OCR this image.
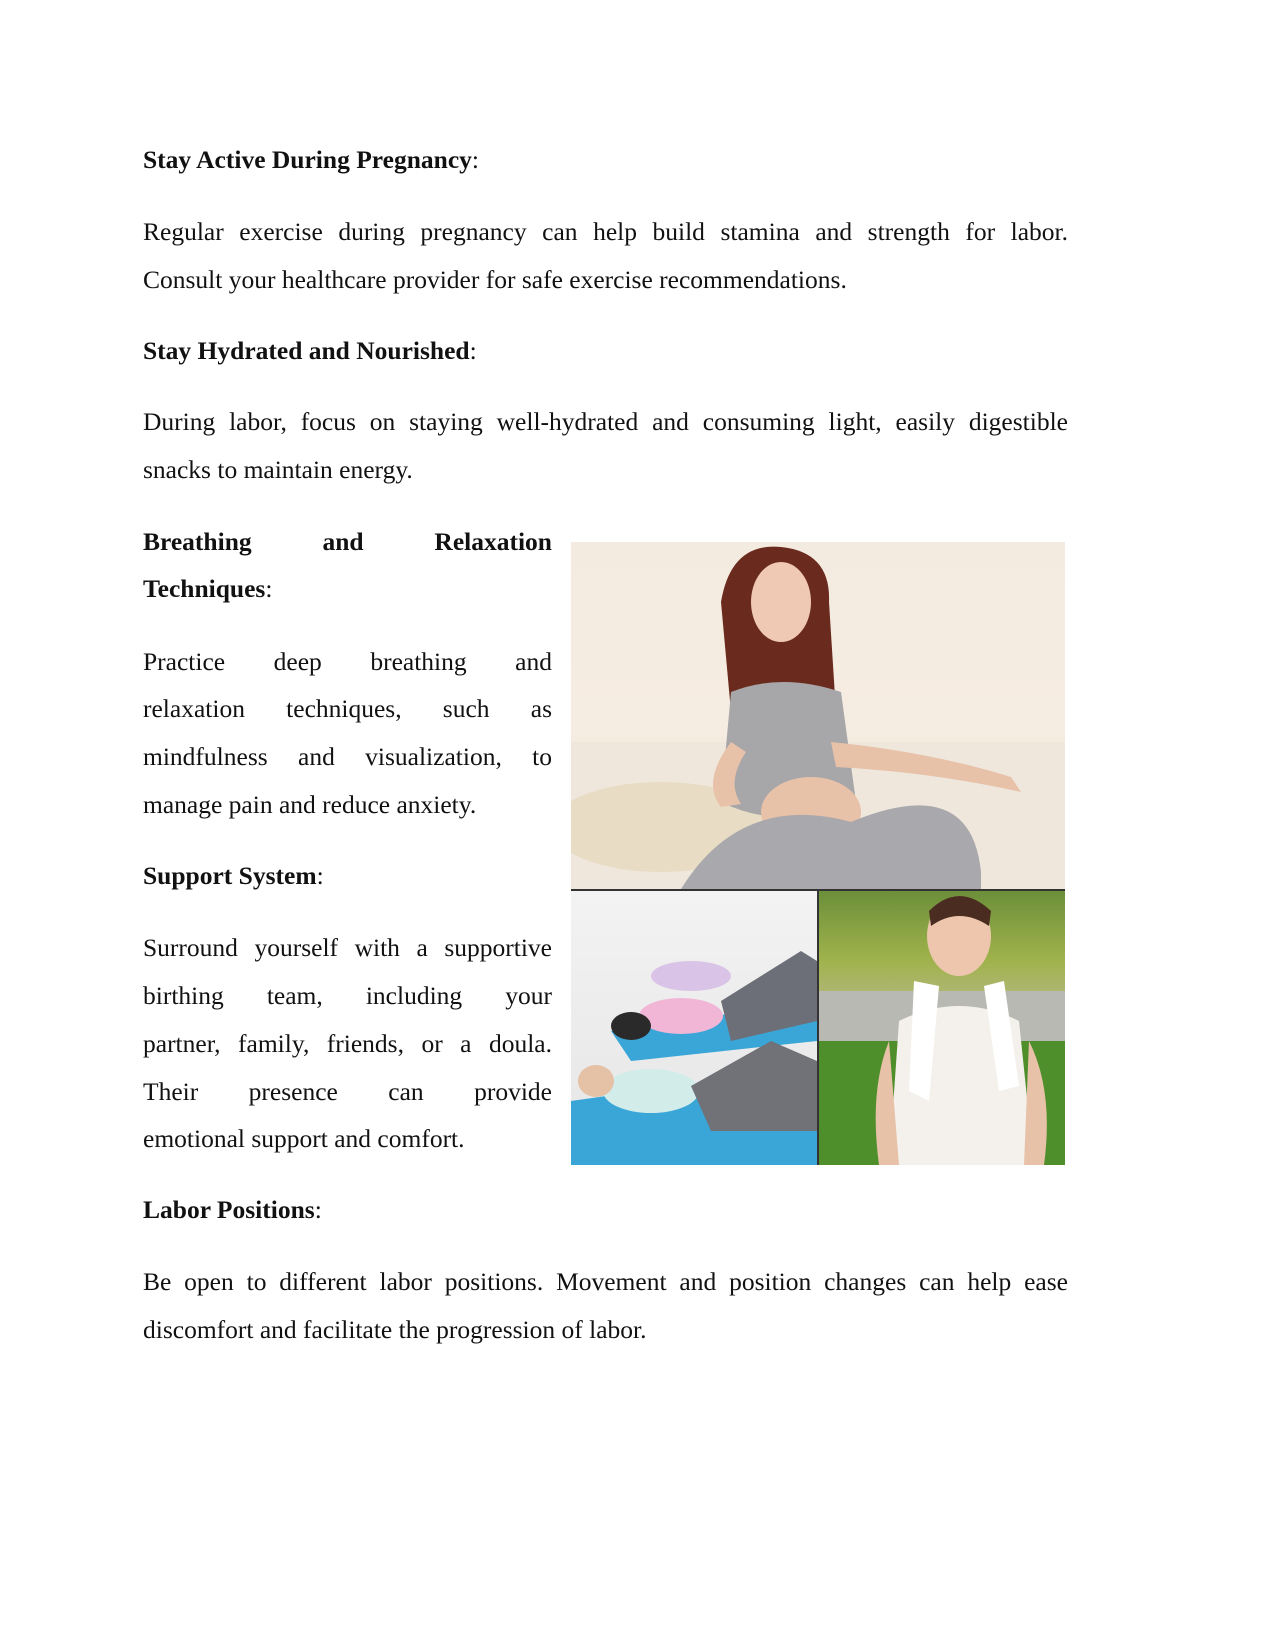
Stay Active During Pregnancy:
Regular exercise during pregnancy can help build stamina and strength for labor.
Consult your healthcare provider for safe exercise recommendations.
Stay Hydrated and Nourished:
During labor, focus on staying well-hydrated and consuming light, easily digestible
snacks to maintain energy.
Breathing and Relaxation
Techniques:
Practice deep breathing and
relaxation techniques, such as
mindfulness and visualization, to
manage pain and reduce anxiety.
Support System:
Surround yourself with a supportive
birthing team, including your
partner, family, friends, or a doula.
Their presence can provide
emotional support and comfort.
Labor Positions:
Be open to different labor positions. Movement and position changes can help ease
discomfort and facilitate the progression of labor.
